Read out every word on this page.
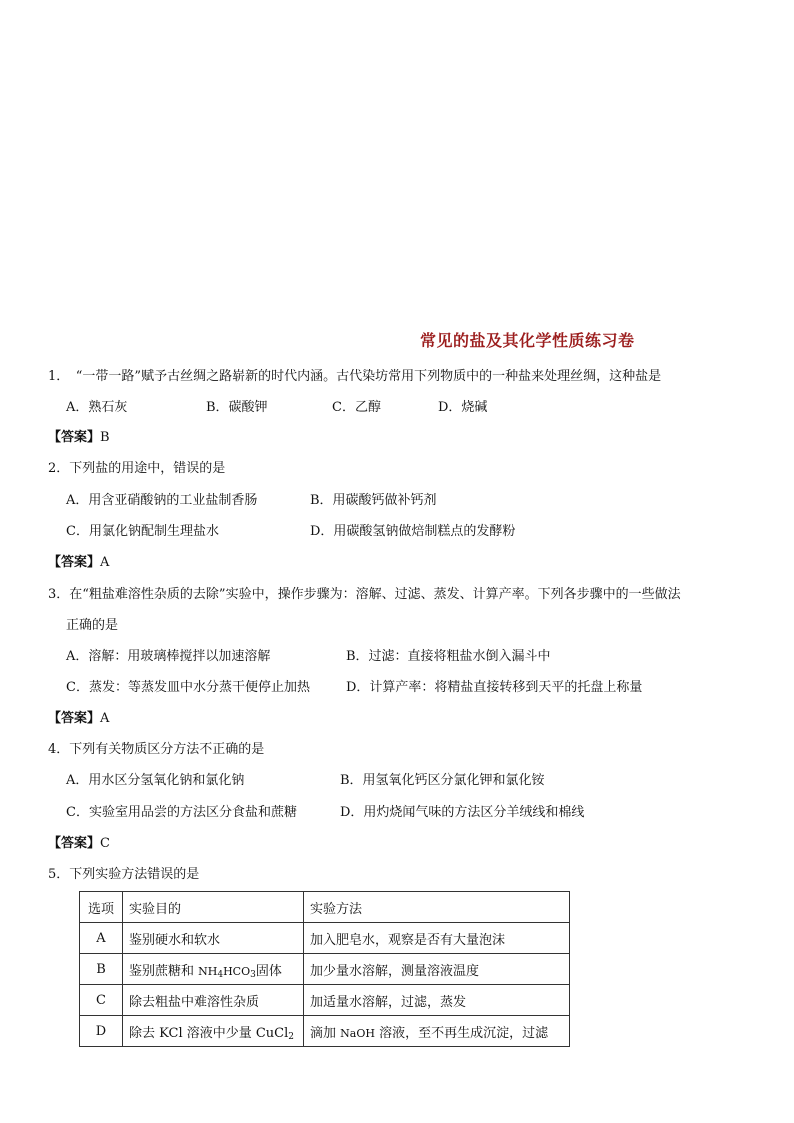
常见的盐及其化学性质练习卷
1．　“一带一路”赋予古丝绸之路崭新的时代内涵。古代染坊常用下列物质中的一种盐来处理丝绸，这种盐是
A．熟石灰	B．碳酸钾	C．乙醇	D．烧碱
【答案】B
2．下列盐的用途中，错误的是
A．用含亚硝酸钠的工业盐制香肠	B．用碳酸钙做补钙剂
C．用氯化钠配制生理盐水	D．用碳酸氢钠做焙制糕点的发酵粉
【答案】A
3．在“粗盐难溶性杂质的去除”实验中，操作步骤为：溶解、过滤、蒸发、计算产率。下列各步骤中的一些做法
正确的是
A．溶解：用玻璃棒搅拌以加速溶解	B．过滤：直接将粗盐水倒入漏斗中
C．蒸发：等蒸发皿中水分蒸干便停止加热	D．计算产率：将精盐直接转移到天平的托盘上称量
【答案】A
4．下列有关物质区分方法不正确的是
A．用水区分氢氧化钠和氯化钠	B．用氢氧化钙区分氯化钾和氯化铵
C．实验室用品尝的方法区分食盐和蔗糖	D．用灼烧闻气味的方法区分羊绒线和棉线
【答案】C
5．下列实验方法错误的是
选项	实验目的	实验方法
A	鉴别硬水和软水	加入肥皂水，观察是否有大量泡沫
B	鉴别蔗糖和 $NH_4HCO_3$固体	加少量水溶解，测量溶液温度
C	除去粗盐中难溶性杂质	加适量水溶解，过滤，蒸发
D	除去 KCl 溶液中少量 CuCl$_2$	滴加 NaOH 溶液，至不再生成沉淀，过滤
